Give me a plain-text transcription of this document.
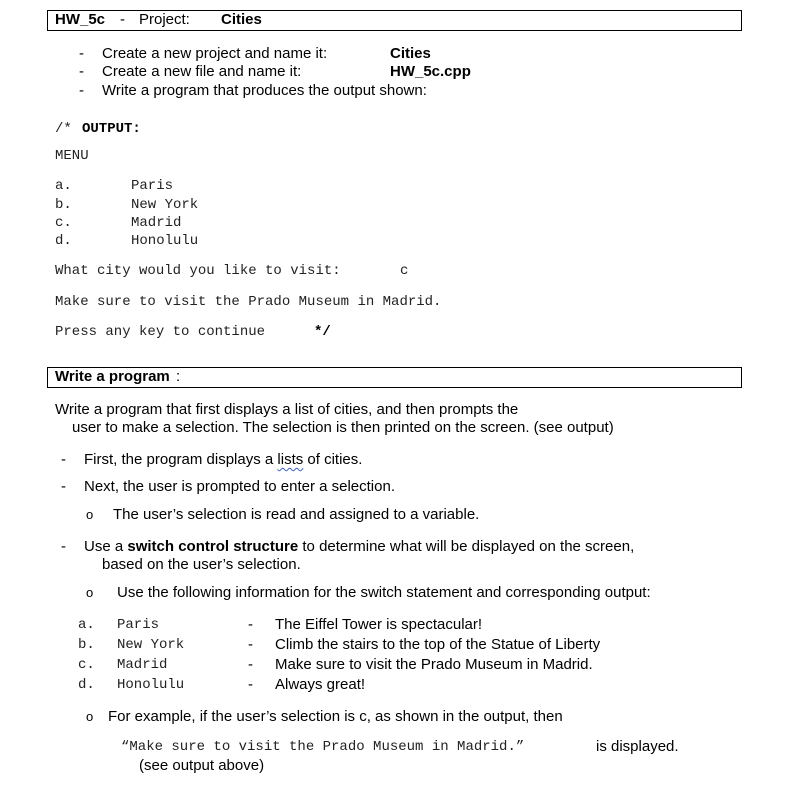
HW_5c - Project: Cities
- Create a new project and name it:	Cities
- Create a new file and name it:	HW_5c.cpp
- Write a program that produces the output shown:
/* OUTPUT:
MENU
a.	Paris
b.	New York
c.	Madrid
d.	Honolulu
What city would you like to visit:	c
Make sure to visit the Prado Museum in Madrid.
Press any key to continue	*/
Write a program :
Write a program that first displays a list of cities, and then prompts the
user to make a selection. The selection is then printed on the screen. (see output)
- First, the program displays a lists of cities.
- Next, the user is prompted to enter a selection.
o The user’s selection is read and assigned to a variable.
- Use a switch control structure to determine what will be displayed on the screen,
based on the user’s selection.
o Use the following information for the switch statement and corresponding output:
a. Paris	- The Eiffel Tower is spectacular!
b. New York	- Climb the stairs to the top of the Statue of Liberty
c. Madrid	- Make sure to visit the Prado Museum in Madrid.
d. Honolulu	- Always great!
o For example, if the user’s selection is c, as shown in the output, then
“Make sure to visit the Prado Museum in Madrid.”	is displayed.
(see output above)
